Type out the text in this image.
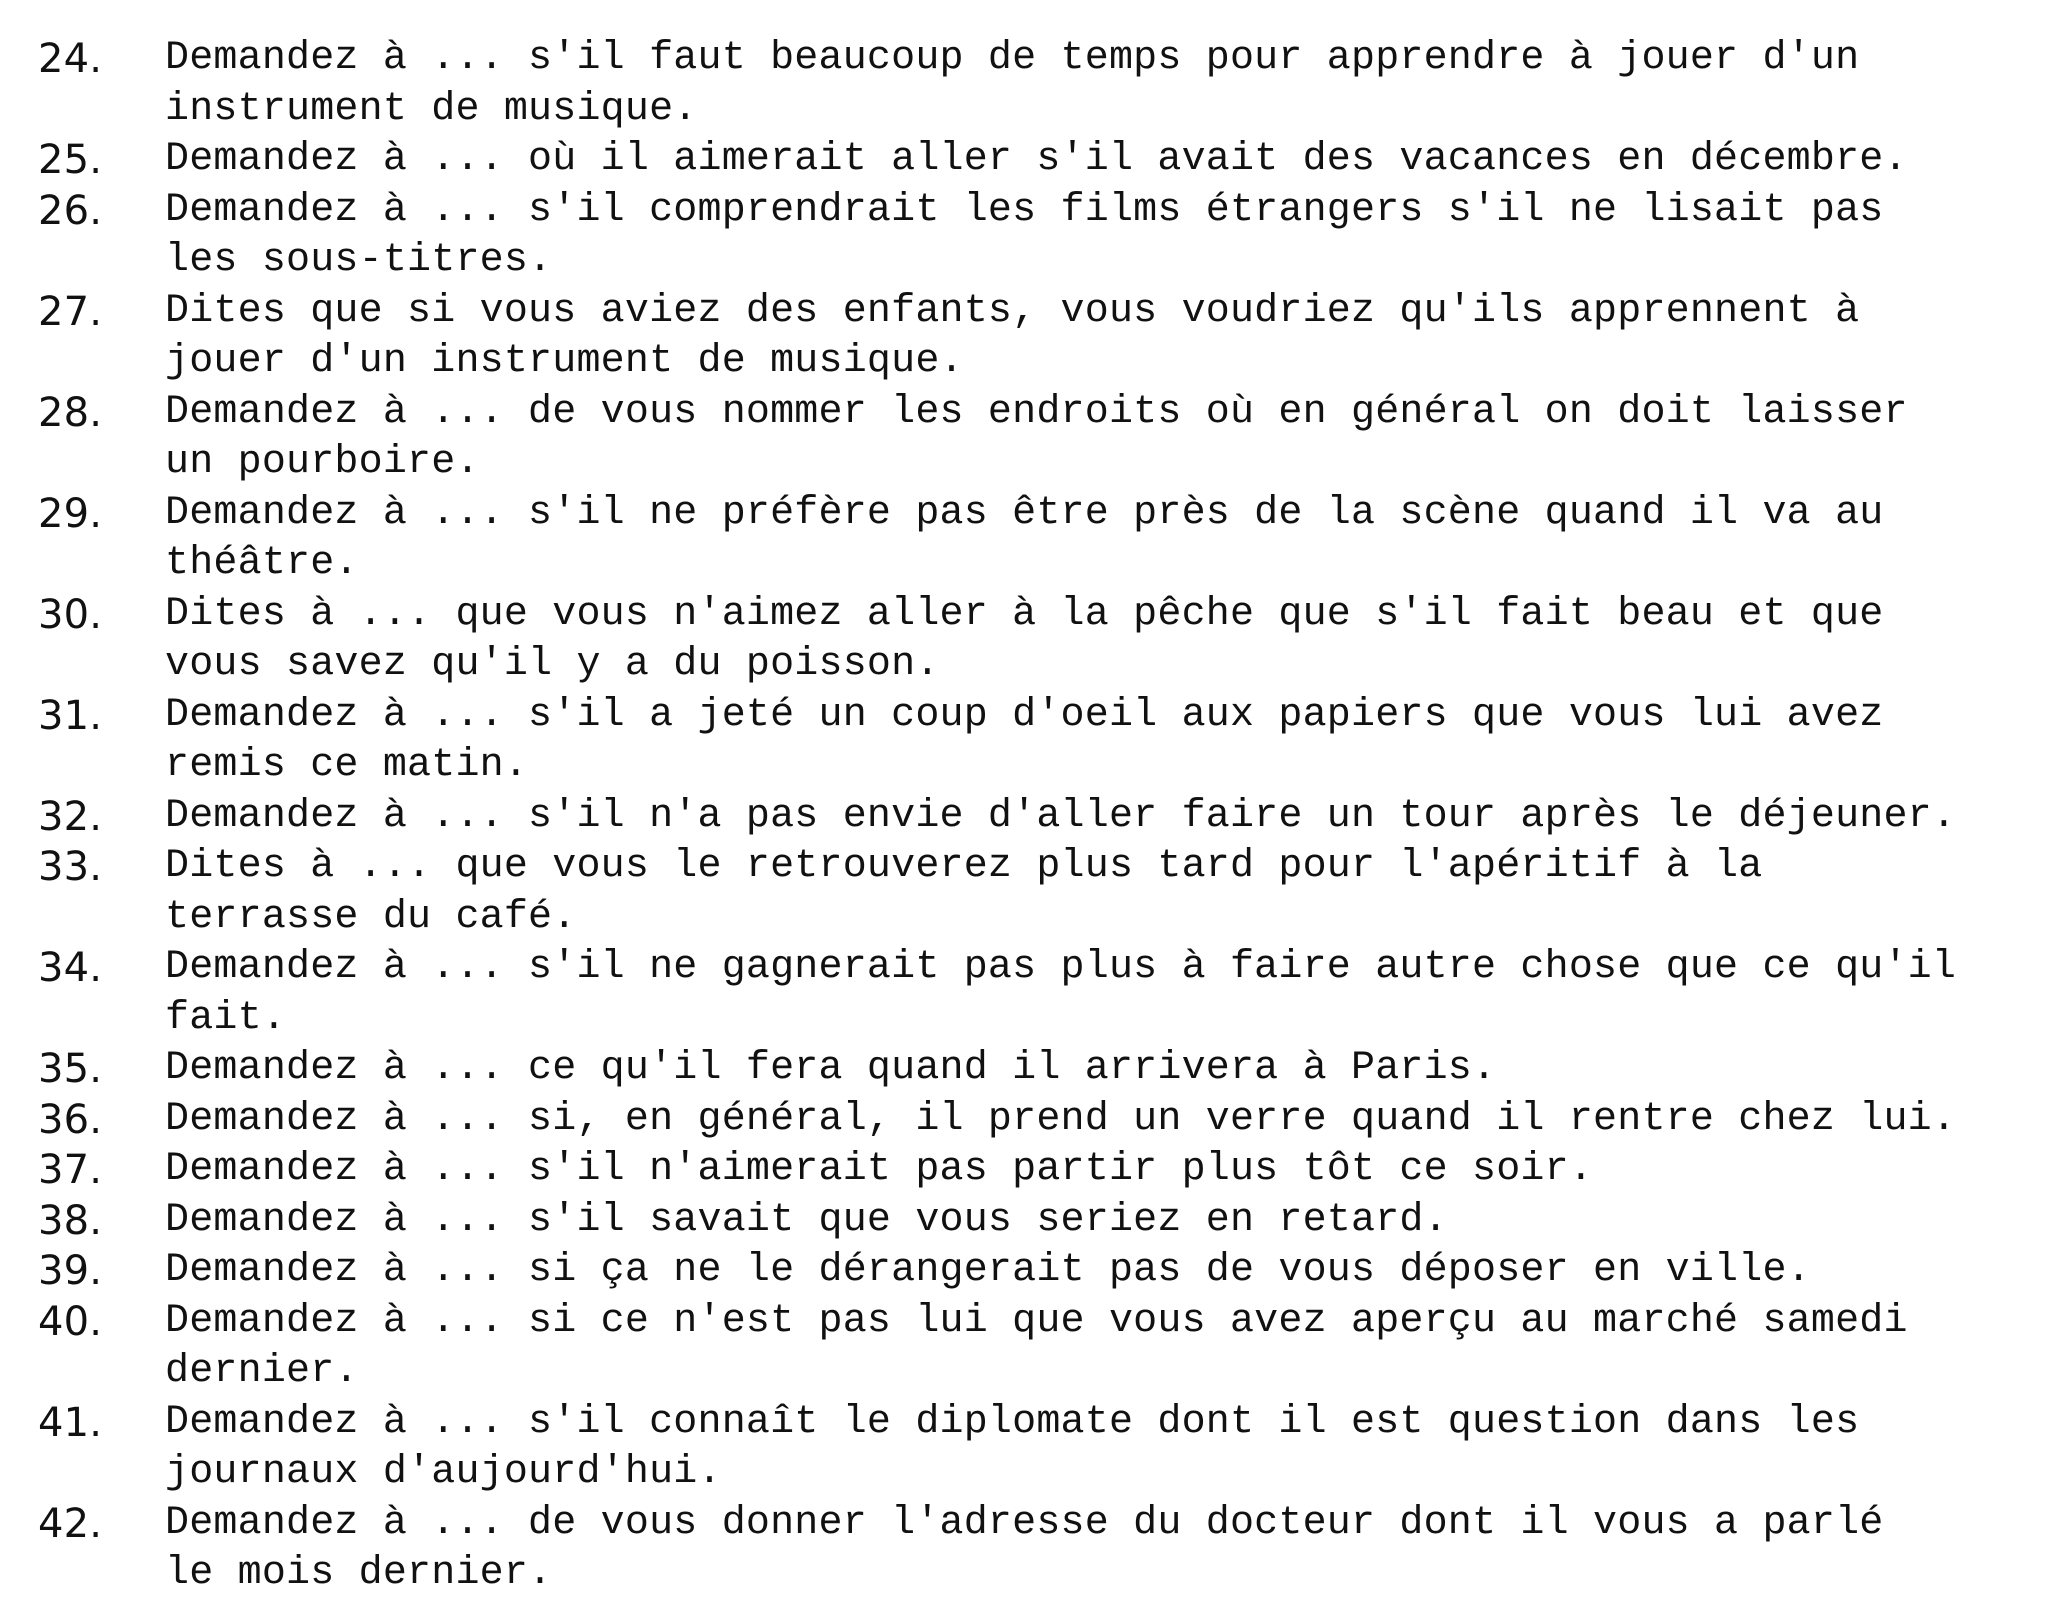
24.	Demandez à ... s'il faut beaucoup de temps pour apprendre à jouer d'un
instrument de musique.
25.	Demandez à ... où il aimerait aller s'il avait des vacances en décembre.
26.	Demandez à ... s'il comprendrait les films étrangers s'il ne lisait pas
les sous-titres.
27.	Dites que si vous aviez des enfants, vous voudriez qu'ils apprennent à
jouer d'un instrument de musique.
28.	Demandez à ... de vous nommer les endroits où en général on doit laisser
un pourboire.
29.	Demandez à ... s'il ne préfère pas être près de la scène quand il va au
théâtre.
30.	Dites à ... que vous n'aimez aller à la pêche que s'il fait beau et que
vous savez qu'il y a du poisson.
31.	Demandez à ... s'il a jeté un coup d'oeil aux papiers que vous lui avez
remis ce matin.
32.	Demandez à ... s'il n'a pas envie d'aller faire un tour après le déjeuner.
33.	Dites à ... que vous le retrouverez plus tard pour l'apéritif à la
terrasse du café.
34.	Demandez à ... s'il ne gagnerait pas plus à faire autre chose que ce qu'il
fait.
35.	Demandez à ... ce qu'il fera quand il arrivera à Paris.
36.	Demandez à ... si, en général, il prend un verre quand il rentre chez lui.
37.	Demandez à ... s'il n'aimerait pas partir plus tôt ce soir.
38.	Demandez à ... s'il savait que vous seriez en retard.
39.	Demandez à ... si ça ne le dérangerait pas de vous déposer en ville.
40.	Demandez à ... si ce n'est pas lui que vous avez aperçu au marché samedi
dernier.
41.	Demandez à ... s'il connaît le diplomate dont il est question dans les
journaux d'aujourd'hui.
42.	Demandez à ... de vous donner l'adresse du docteur dont il vous a parlé
le mois dernier.
